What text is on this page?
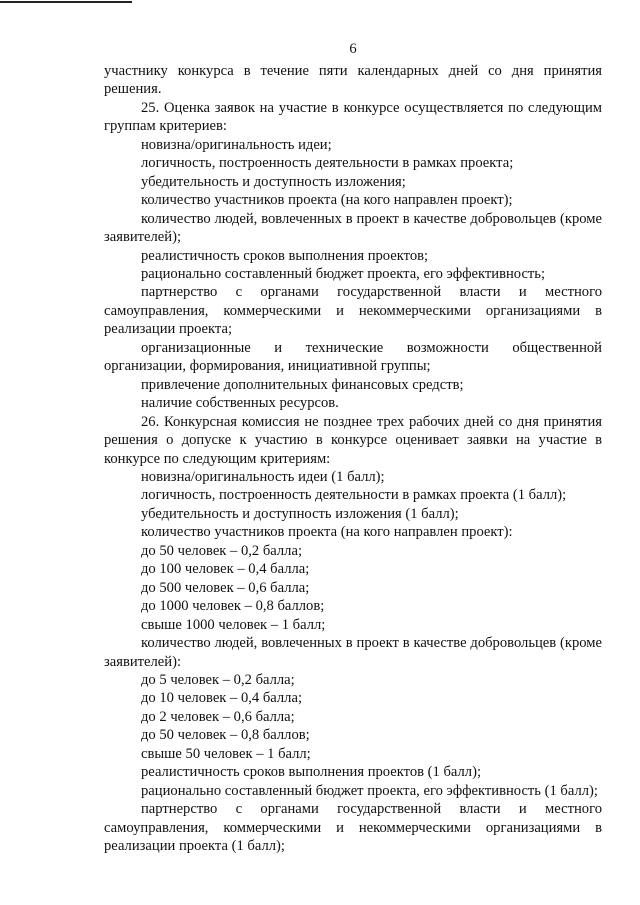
6

участнику конкурса в течение пяти календарных дней со дня принятия решения.

25. Оценка заявок на участие в конкурсе осуществляется по следующим группам критериев:

новизна/оригинальность идеи;

логичность, построенность деятельности в рамках проекта;

убедительность и доступность изложения;

количество участников проекта (на кого направлен проект);

количество людей, вовлеченных в проект в качестве добровольцев (кроме заявителей);

реалистичность сроков выполнения проектов;

рационально составленный бюджет проекта, его эффективность;

партнерство с органами государственной власти и местного самоуправления, коммерческими и некоммерческими организациями в реализации проекта;

организационные и технические возможности общественной организации, формирования, инициативной группы;

привлечение дополнительных финансовых средств;

наличие собственных ресурсов.

26. Конкурсная комиссия не позднее трех рабочих дней со дня принятия решения о допуске к участию в конкурсе оценивает заявки на участие в конкурсе по следующим критериям:

новизна/оригинальность идеи (1 балл);

логичность, построенность деятельности в рамках проекта (1 балл);

убедительность и доступность изложения (1 балл);

количество участников проекта (на кого направлен проект):

до 50 человек – 0,2 балла;

до 100 человек – 0,4 балла;

до 500 человек – 0,6 балла;

до 1000 человек – 0,8 баллов;

свыше 1000 человек – 1 балл;

количество людей, вовлеченных в проект в качестве добровольцев (кроме заявителей):

до 5 человек – 0,2 балла;

до 10 человек – 0,4 балла;

до 2 человек – 0,6 балла;

до 50 человек – 0,8 баллов;

свыше 50 человек – 1 балл;

реалистичность сроков выполнения проектов (1 балл);

рационально составленный бюджет проекта, его эффективность (1 балл);

партнерство с органами государственной власти и местного самоуправления, коммерческими и некоммерческими организациями в реализации проекта (1 балл);
